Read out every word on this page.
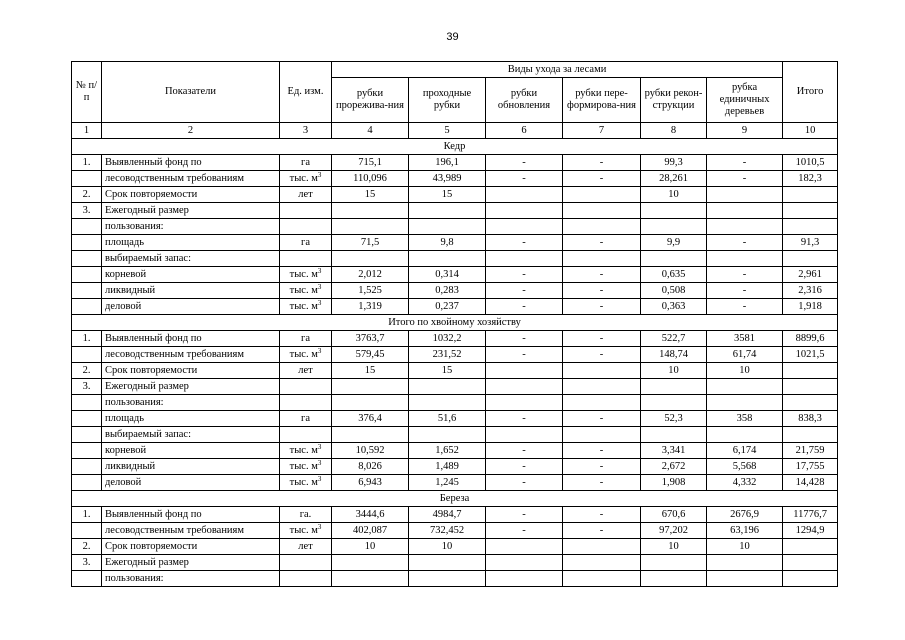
39
№ п/п	Показатели	Ед. изм.	Виды ухода за лесами						Итого
			рубки прорежива-ния	проходные рубки	рубки обновления	рубки пере-формирова-ния	рубки рекон-струкции	рубка единичных деревьев	
1	2	3	4	5	6	7	8	9	10
Кедр									
1.	Выявленный фонд по	га	715,1	196,1	-	-	99,3	-	1010,5
	лесоводственным требованиям	тыс. $м^3$	110,096	43,989	-	-	28,261	-	182,3
2.	Срок повторяемости	лет	15	15			10		
3.	Ежегодный размер								
	пользования:								
	площадь	га	71,5	9,8	-	-	9,9	-	91,3
	выбираемый запас:								
	корневой	тыс. $м^3$	2,012	0,314	-	-	0,635	-	2,961
	ликвидный	тыс. $м^3$	1,525	0,283	-	-	0,508	-	2,316
	деловой	тыс. $м^3$	1,319	0,237	-	-	0,363	-	1,918
Итого по хвойному хозяйству									
1.	Выявленный фонд по	га	3763,7	1032,2	-	-	522,7	3581	8899,6
	лесоводственным требованиям	тыс. $м^3$	579,45	231,52	-	-	148,74	61,74	1021,5
2.	Срок повторяемости	лет	15	15			10	10	
3.	Ежегодный размер								
	пользования:								
	площадь	га	376,4	51,6	-	-	52,3	358	838,3
	выбираемый запас:								
	корневой	тыс. $м^3$	10,592	1,652	-	-	3,341	6,174	21,759
	ликвидный	тыс. $м^3$	8,026	1,489	-	-	2,672	5,568	17,755
	деловой	тыс. $м^3$	6,943	1,245	-	-	1,908	4,332	14,428
Береза									
1.	Выявленный фонд по	га.	3444,6	4984,7	-	-	670,6	2676,9	11776,7
	лесоводственным требованиям	тыс. $м^3$	402,087	732,452	-	-	97,202	63,196	1294,9
2.	Срок повторяемости	лет	10	10			10	10	
3.	Ежегодный размер								
	пользования:								
